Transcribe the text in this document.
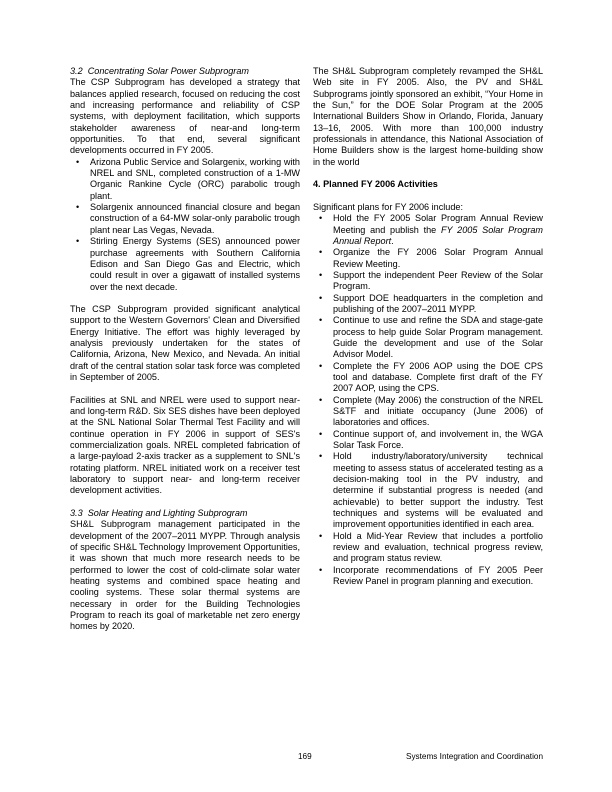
3.2 Concentrating Solar Power Subprogram

The CSP Subprogram has developed a strategy that balances applied research, focused on reducing the cost and increasing performance and reliability of CSP systems, with deployment facilitation, which supports stakeholder awareness of near-and long-term opportunities. To that end, several significant developments occurred in FY 2005.

• Arizona Public Service and Solargenix, working with NREL and SNL, completed construction of a 1-MW Organic Rankine Cycle (ORC) parabolic trough plant.
• Solargenix announced financial closure and began construction of a 64-MW solar-only parabolic trough plant near Las Vegas, Nevada.
• Stirling Energy Systems (SES) announced power purchase agreements with Southern California Edison and San Diego Gas and Electric, which could result in over a gigawatt of installed systems over the next decade.

The CSP Subprogram provided significant analytical support to the Western Governors' Clean and Diversified Energy Initiative. The effort was highly leveraged by analysis previously undertaken for the states of California, Arizona, New Mexico, and Nevada. An initial draft of the central station solar task force was completed in September of 2005.

Facilities at SNL and NREL were used to support near- and long-term R&D. Six SES dishes have been deployed at the SNL National Solar Thermal Test Facility and will continue operation in FY 2006 in support of SES's commercialization goals. NREL completed fabrication of a large-payload 2-axis tracker as a supplement to SNL's rotating platform. NREL initiated work on a receiver test laboratory to support near- and long-term receiver development activities.

3.3 Solar Heating and Lighting Subprogram

SH&L Subprogram management participated in the development of the 2007–2011 MYPP. Through analysis of specific SH&L Technology Improvement Opportunities, it was shown that much more research needs to be performed to lower the cost of cold-climate solar water heating systems and combined space heating and cooling systems. These solar thermal systems are necessary in order for the Building Technologies Program to reach its goal of marketable net zero energy homes by 2020.

The SH&L Subprogram completely revamped the SH&L Web site in FY 2005. Also, the PV and SH&L Subprograms jointly sponsored an exhibit, “Your Home in the Sun,” for the DOE Solar Program at the 2005 International Builders Show in Orlando, Florida, January 13–16, 2005. With more than 100,000 industry professionals in attendance, this National Association of Home Builders show is the largest home-building show in the world

4. Planned FY 2006 Activities

Significant plans for FY 2006 include:

• Hold the FY 2005 Solar Program Annual Review Meeting and publish the FY 2005 Solar Program Annual Report.
• Organize the FY 2006 Solar Program Annual Review Meeting.
• Support the independent Peer Review of the Solar Program.
• Support DOE headquarters in the completion and publishing of the 2007–2011 MYPP.
• Continue to use and refine the SDA and stage-gate process to help guide Solar Program management. Guide the development and use of the Solar Advisor Model.
• Complete the FY 2006 AOP using the DOE CPS tool and database. Complete first draft of the FY 2007 AOP, using the CPS.
• Complete (May 2006) the construction of the NREL S&TF and initiate occupancy (June 2006) of laboratories and offices.
• Continue support of, and involvement in, the WGA Solar Task Force.
• Hold industry/laboratory/university technical meeting to assess status of accelerated testing as a decision-making tool in the PV industry, and determine if substantial progress is needed (and achievable) to better support the industry. Test techniques and systems will be evaluated and improvement opportunities identified in each area.
• Hold a Mid-Year Review that includes a portfolio review and evaluation, technical progress review, and program status review.
• Incorporate recommendations of FY 2005 Peer Review Panel in program planning and execution.
169	Systems Integration and Coordination
